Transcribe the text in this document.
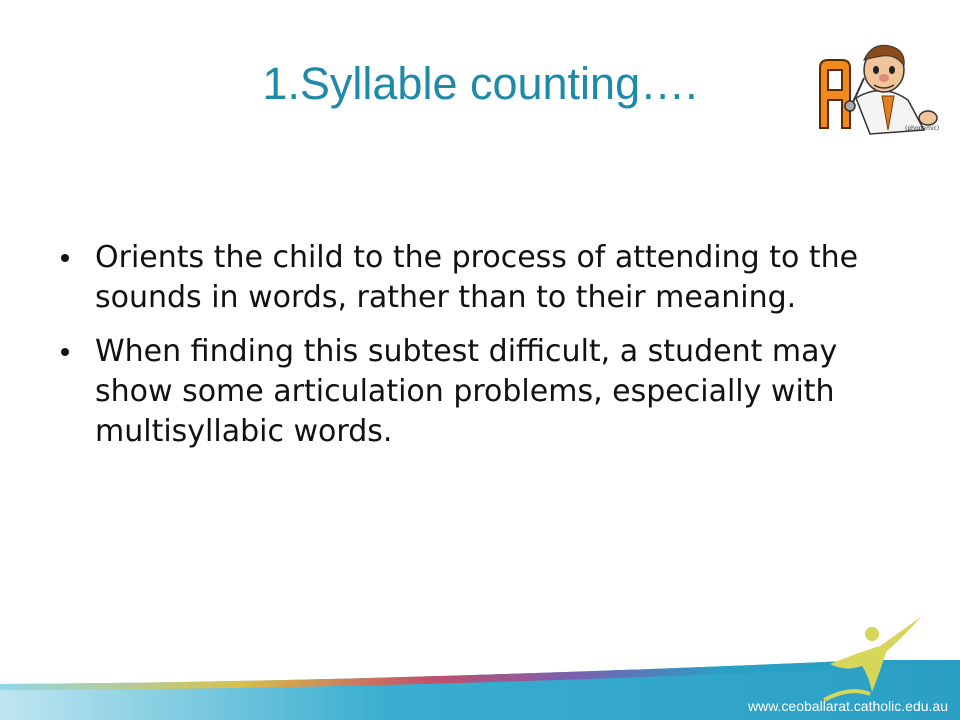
1.Syllable counting….
(phonemic)
Orients the child to the process of attending to the sounds in words, rather than to their meaning.
When finding this subtest difficult, a student may show some articulation problems, especially with multisyllabic words.
www.ceoballarat.catholic.edu.au
